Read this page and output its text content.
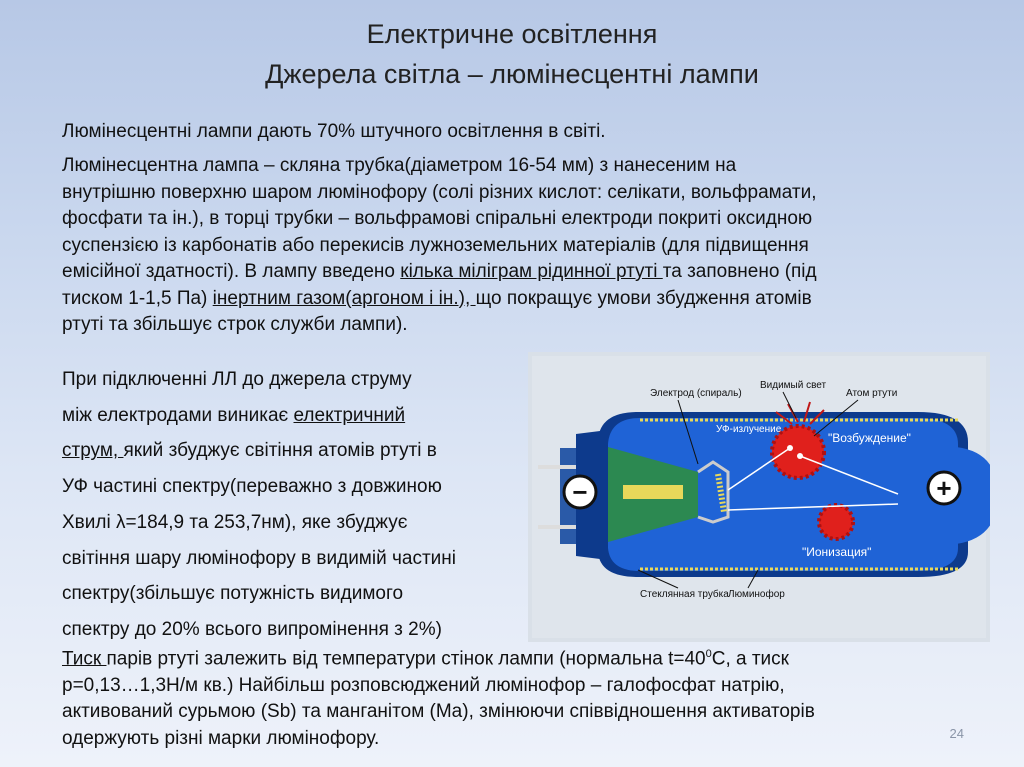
Електричне освітлення
Джерела світла – люмінесцентні лампи
Люмінесцентні лампи дають 70% штучного освітлення в світі.
Люмінесцентна лампа – скляна трубка(діаметром 16-54 мм) з нанесеним на
внутрішню поверхню шаром люмінофору (солі різних кислот: селікати, вольфрамати,
фосфати та ін.), в торці трубки – вольфрамові спіральні електроди покриті оксидною
суспензією із карбонатів або перекисів лужноземельних матеріалів (для підвищення
емісійної здатності). В лампу введено кілька мілігрaм рідинної ртуті та заповнено (під
тиском 1-1,5 Па) інертним газом(аргоном і ін.), що покращує умови збудження атомів
ртуті та збільшує строк служби лампи).
При підключенні ЛЛ до джерела струму
між електродами виникає електричний
струм, який збуджує світіння атомів ртуті в
УФ частині спектру(переважно з довжиною
Хвилі λ=184,9 та 253,7нм), яке збуджує
світіння шару люмінофору в видимій частині
спектру(збільшує потужність видимого
спектру до 20% всього випромінення з 2%)
Тиск парів ртуті залежить від температури стінок лампи (нормальна $t=40^0C$, а тиск
p=0,13…1,3Н/м кв.) Найбільш розповсюджений люмінофор – галофосфат натрію,
активований сурьмою (Sb) та манганітом (Ma), змінюючи співвідношення активаторів
одержують різні марки люмінофору.
−	+
Электрод (спираль)
Видимый свет
Атом ртути
УФ-излучение
"Возбуждение"
"Ионизация"
Стеклянная трубка Люминофор
24
